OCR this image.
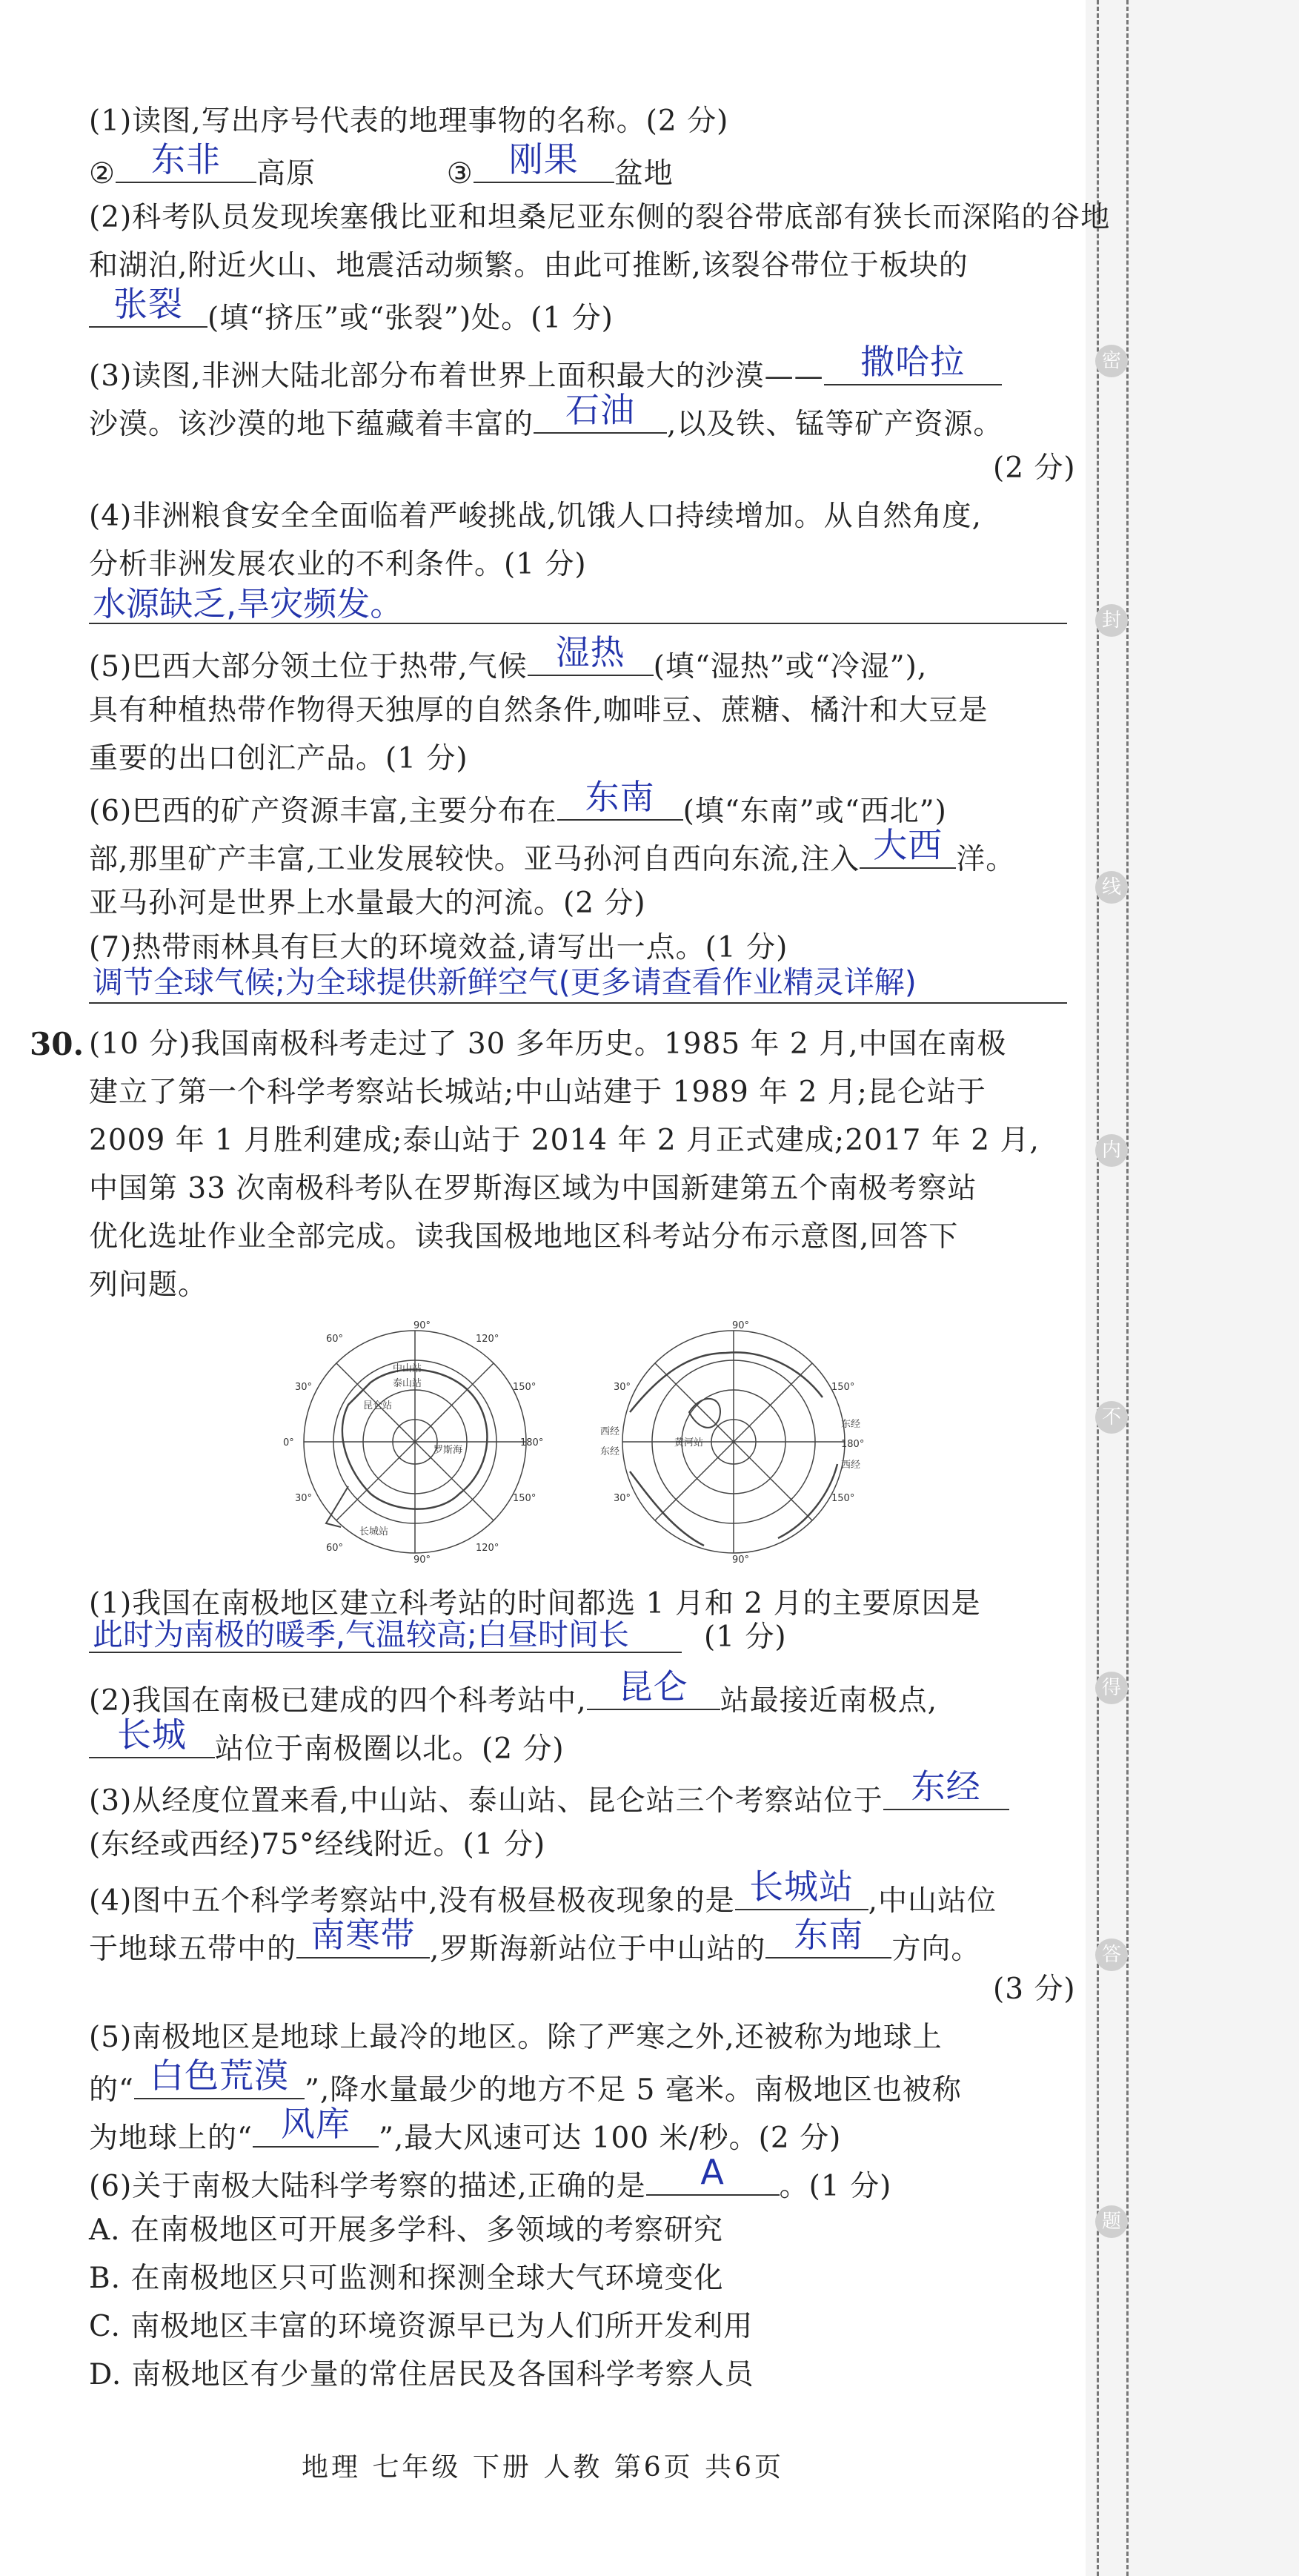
密
封
线
内
不
得
答
题
(1)读图,写出序号代表的地理事物的名称。(2 分)
②	东非	高原	③	刚果	盆地
(2)科考队员发现埃塞俄比亚和坦桑尼亚东侧的裂谷带底部有狭长而深陷的谷地
和湖泊,附近火山、地震活动频繁。由此可推断,该裂谷带位于板块的
张裂 (填“挤压”或“张裂”)处。(1 分)
(3)读图,非洲大陆北部分布着世界上面积最大的沙漠——	撒哈拉
沙漠。该沙漠的地下蕴藏着丰富的 石油	,以及铁、锰等矿产资源。
(2 分)
(4)非洲粮食安全全面临着严峻挑战,饥饿人口持续增加。从自然角度,
分析非洲发展农业的不利条件。(1 分)
水源缺乏,旱灾频发。
(5)巴西大部分领土位于热带,气候 湿热 (填“湿热”或“冷湿”),
具有种植热带作物得天独厚的自然条件,咖啡豆、蔗糖、橘汁和大豆是
重要的出口创汇产品。(1 分)
(6)巴西的矿产资源丰富,主要分布在 东南 (填“东南”或“西北”)
部,那里矿产丰富,工业发展较快。亚马孙河自西向东流,注入 大西 洋。
亚马孙河是世界上水量最大的河流。(2 分)
(7)热带雨林具有巨大的环境效益,请写出一点。(1 分)
调节全球气候;为全球提供新鲜空气(更多请查看作业精灵详解)
30. (10 分)我国南极科考走过了 30 多年历史。1985 年 2 月,中国在南极
建立了第一个科学考察站长城站;中山站建于 1989 年 2 月;昆仑站于
2009 年 1 月胜利建成;泰山站于 2014 年 2 月正式建成;2017 年 2 月,
中国第 33 次南极科考队在罗斯海区域为中国新建第五个南极考察站
优化选址作业全部完成。读我国极地地区科考站分布示意图,回答下
列问题。
90°
90°
0°	180°
60°	120°
60°	120°
150°
150°
30°
30°
中山站
泰山站
昆仑站
长城站
罗斯海
90°
90°
西经
东经
东经
西经
180°
150°
150°
30°
30°
黄河站
(1)我国在南极地区建立科考站的时间都选 1 月和 2 月的主要原因是
此时为南极的暖季,气温较高;白昼时间长	(1 分)
(2)我国在南极已建成的四个科考站中, 昆仑	站最接近南极点,
长城 站位于南极圈以北。(2 分)
(3)从经度位置来看,中山站、泰山站、昆仑站三个考察站位于 东经
(东经或西经)75°经线附近。(1 分)
(4)图中五个科学考察站中,没有极昼极夜现象的是 长城站 ,中山站位
于地球五带中的 南寒带 ,罗斯海新站位于中山站的 东南 方向。
(3 分)
(5)南极地区是地球上最冷的地区。除了严寒之外,还被称为地球上
的“ 白色荒漠 ”,降水量最少的地方不足 5 毫米。南极地区也被称
为地球上的“ 风库 ”,最大风速可达 100 米/秒。(2 分)
(6)关于南极大陆科学考察的描述,正确的是	A	。(1 分)
A. 在南极地区可开展多学科、多领域的考察研究
B. 在南极地区只可监测和探测全球大气环境变化
C. 南极地区丰富的环境资源早已为人们所开发利用
D. 南极地区有少量的常住居民及各国科学考察人员
地理 七年级 下册 人教 第6页 共6页
